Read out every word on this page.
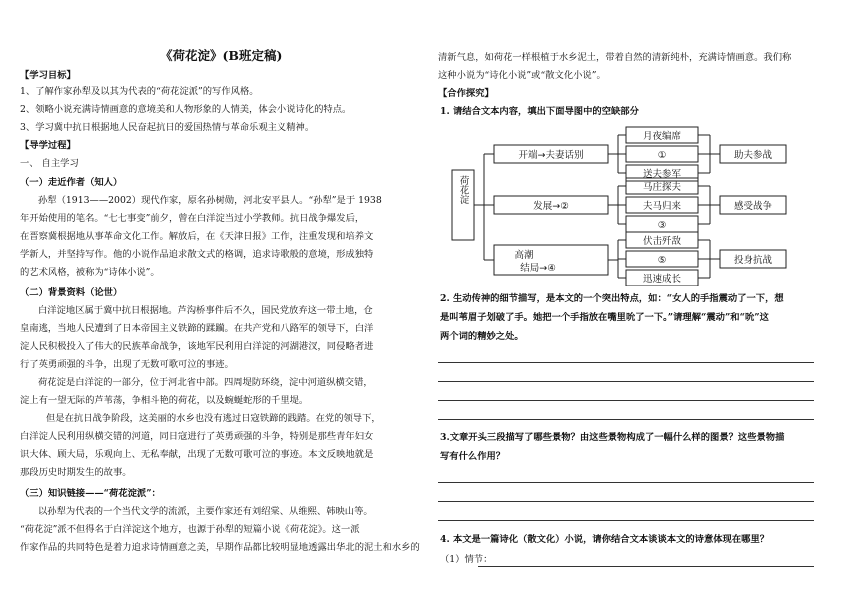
《荷花淀》(B班定稿)
【学习目标】
1、了解作家孙犁及以其为代表的“荷花淀派”的写作风格。
2、领略小说充满诗情画意的意境美和人物形象的人情美，体会小说诗化的特点。
3、学习冀中抗日根据地人民奋起抗日的爱国热情与革命乐观主义精神。
【导学过程】
一、 自主学习
（一）走近作者（知人）
孙犁（1913——2002）现代作家，原名孙树勋，河北安平县人。“孙犁”是于 1938
年开始使用的笔名。“七七事变”前夕，曾在白洋淀当过小学教师。抗日战争爆发后，
在晋察冀根据地从事革命文化工作。解放后，在《天津日报》工作，注重发现和培养文
学新人，并坚持写作。他的小说作品追求散文式的格调，追求诗歌般的意境，形成独特
的艺术风格，被称为“诗体小说”。
（二）背景资料（论世）
白洋淀地区属于冀中抗日根据地。芦沟桥事件后不久，国民党放弃这一带土地，仓
皇南逃，当地人民遭到了日本帝国主义铁蹄的蹂躏。在共产党和八路军的领导下，白洋
淀人民积极投入了伟大的民族革命战争，该地军民利用白洋淀的河湖港汊，同侵略者进
行了英勇顽强的斗争，出现了无数可歌可泣的事迹。
荷花淀是白洋淀的一部分，位于河北省中部。四周堤防环绕，淀中河道纵横交错，
淀上有一望无际的芦苇荡，争相斗艳的荷花，以及蜿蜒蛇形的千里堤。
但是在抗日战争阶段，这美丽的水乡也没有逃过日寇铁蹄的践踏。在党的领导下，
白洋淀人民利用纵横交错的河道，同日寇进行了英勇顽强的斗争，特别是那些青年妇女
识大体、顾大局，乐观向上、无私奉献，出现了无数可歌可泣的事迹。本文反映地就是
那段历史时期发生的故事。
（三）知识链接——“荷花淀派”：
以孙犁为代表的一个当代文学的流派，主要作家还有刘绍棠、从维熙、韩映山等。
“荷花淀”派不但得名于白洋淀这个地方，也源于孙犁的短篇小说《荷花淀》。这一派
作家作品的共同特色是着力追求诗情画意之美，早期作品都比较明显地透露出华北的泥土和水乡的
清新气息，如荷花一样根植于水乡泥土，带着自然的清新纯朴，充满诗情画意。我们称
这种小说为“诗化小说”或“散文化小说”。
【合作探究】
1. 请结合文本内容，填出下面导图中的空缺部分
荷花淀
开端→夫妻话别
发展→②
高潮
结局→④
月夜编席
①
送夫参军
助夫参战
马庄探夫
夫马归来
③
感受战争
伏击歼敌
⑤
迅速成长
投身抗战
2. 生动传神的细节描写，是本文的一个突出特点，如：“女人的手指震动了一下，想
是叫苇眉子划破了手。她把一个手指放在嘴里吮了一下。”请理解“震动”和“吮”这
两个词的精妙之处。
3.文章开头三段描写了哪些景物？由这些景物构成了一幅什么样的图景？这些景物描
写有什么作用？
4. 本文是一篇诗化（散文化）小说，请你结合文本谈谈本文的诗意体现在哪里？
（1）情节：
